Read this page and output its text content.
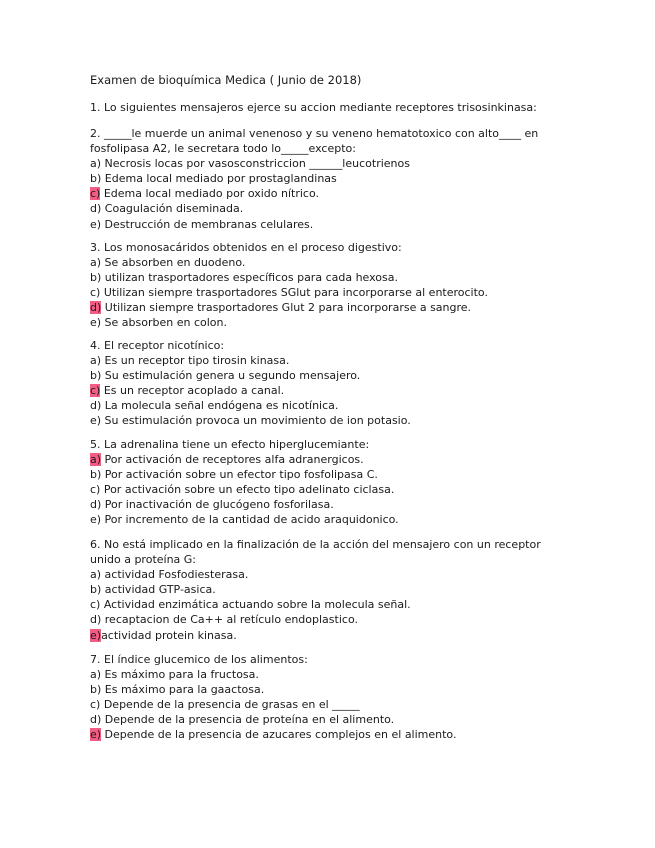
Examen de bioquímica Medica ( Junio de 2018)

1. Lo siguientes mensajeros ejerce su accion mediante receptores trisosinkinasa:

2. _____le muerde un animal venenoso y su veneno hematotoxico con alto____ en fosfolipasa A2, le secretara todo lo_____excepto:

a) Necrosis locas por vasosconstriccion ______leucotrienos

b) Edema local mediado por prostaglandinas

c) Edema local mediado por oxido nítrico.

d) Coagulación diseminada.

e) Destrucción de membranas celulares.

3. Los monosacáridos obtenidos en el proceso digestivo:

a) Se absorben en duodeno.

b) utilizan trasportadores específicos para cada hexosa.

c) Utilizan siempre trasportadores SGlut para incorporarse al enterocito.

d) Utilizan siempre trasportadores Glut 2 para incorporarse a sangre.

e) Se absorben en colon.

4. El receptor nicotínico:

a) Es un receptor tipo tirosin kinasa.

b) Su estimulación genera u segundo mensajero.

c) Es un receptor acoplado a canal.

d) La molecula señal endógena es nicotínica.

e) Su estimulación provoca un movimiento de ion potasio.

5. La adrenalina tiene un efecto hiperglucemiante:

a) Por activación de receptores alfa adranergicos.

b) Por activación sobre un efector tipo fosfolipasa C.

c) Por activación sobre un efecto tipo adelinato ciclasa.

d) Por inactivación de glucógeno fosforilasa.

e) Por incremento de la cantidad de acido araquidonico.

6. No está implicado en la finalización de la acción del mensajero con un receptor unido a proteína G:

a) actividad Fosfodiesterasa.

b) actividad GTP-asica.

c) Actividad enzimática actuando sobre la molecula señal.

d) recaptacion de Ca++ al retículo endoplastico.

e)actividad protein kinasa.

7. El índice glucemico de los alimentos:

a) Es máximo para la fructosa.

b) Es máximo para la gaactosa.

c) Depende de la presencia de grasas en el _____

d) Depende de la presencia de proteína en el alimento.

e) Depende de la presencia de azucares complejos en el alimento.
